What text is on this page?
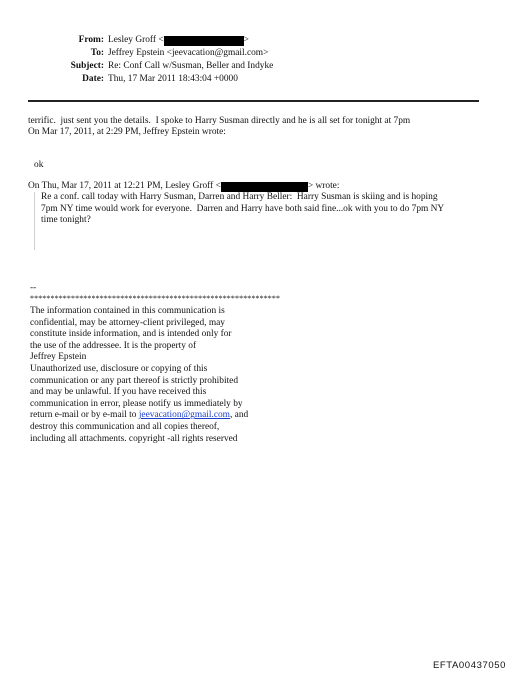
From: Lesley Groff <	>
To: Jeffrey Epstein <jeevacation@gmail.com>
Subject: Re: Conf Call w/Susman, Beller and Indyke
Date: Thu, 17 Mar 2011 18:43:04 +0000
terrific.  just sent you the details.  I spoke to Harry Susman directly and he is all set for tonight at 7pm
On Mar 17, 2011, at 2:29 PM, Jeffrey Epstein wrote:
ok
On Thu, Mar 17, 2011 at 12:21 PM, Lesley Groff <	> wrote:
Re a conf. call today with Harry Susman, Darren and Harry Beller:  Harry Susman is skiing and is hoping
7pm NY time would work for everyone.  Darren and Harry have both said fine...ok with you to do 7pm NY
time tonight?
--
*************************************************************
The information contained in this communication is
confidential, may be attorney-client privileged, may
constitute inside information, and is intended only for
the use of the addressee. It is the property of
Jeffrey Epstein
Unauthorized use, disclosure or copying of this
communication or any part thereof is strictly prohibited
and may be unlawful. If you have received this
communication in error, please notify us immediately by
return e-mail or by e-mail to jeevacation@gmail.com, and
destroy this communication and all copies thereof,
including all attachments. copyright -all rights reserved
EFTA00437050
